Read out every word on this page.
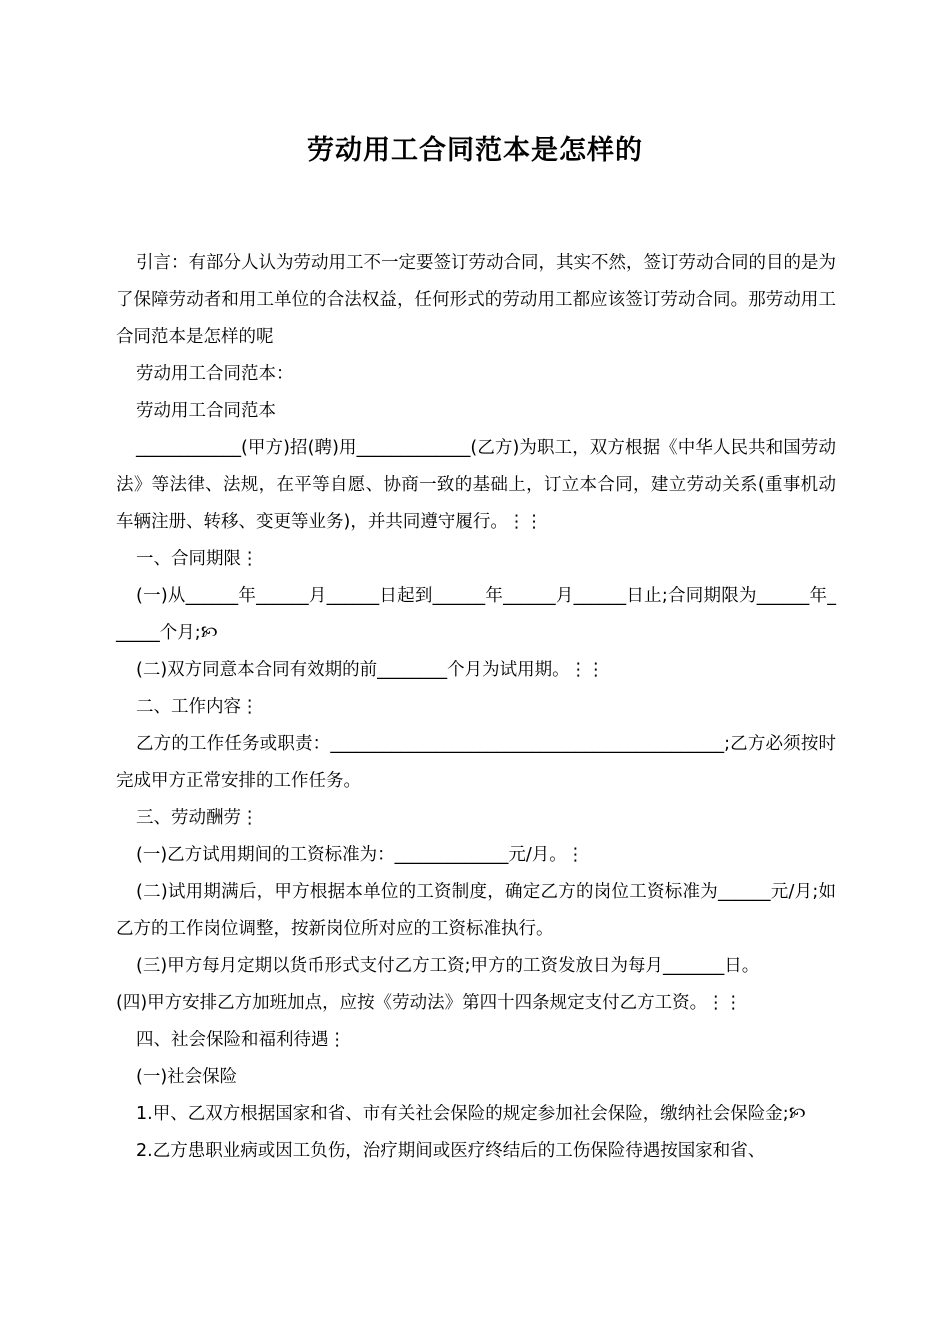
劳动用工合同范本是怎样的

引言：有部分人认为劳动用工不一定要签订劳动合同，其实不然，签订劳动合同的目的是为了保障劳动者和用工单位的合法权益，任何形式的劳动用工都应该签订劳动合同。那劳动用工合同范本是怎样的呢

劳动用工合同范本：

劳动用工合同范本

____________(甲方)招(聘)用_____________(乙方)为职工，双方根据《中华人民共和国劳动法》等法律、法规，在平等自愿、协商一致的基础上，订立本合同，建立劳动关系(重事机动车辆注册、转移、变更等业务)，并共同遵守履行。⋮⋮

一、合同期限⋮

(一)从______年______月______日起到______年______月______日止;合同期限为______年______个月;🙡

(二)双方同意本合同有效期的前________个月为试用期。⋮⋮

二、工作内容⋮

乙方的工作任务或职责：_____________________________________________;乙方必须按时完成甲方正常安排的工作任务。

三、劳动酬劳⋮

(一)乙方试用期间的工资标准为：_____________元/月。⋮

(二)试用期满后，甲方根据本单位的工资制度，确定乙方的岗位工资标准为______元/月;如乙方的工作岗位调整，按新岗位所对应的工资标准执行。

(三)甲方每月定期以货币形式支付乙方工资;甲方的工资发放日为每月_______日。

(四)甲方安排乙方加班加点，应按《劳动法》第四十四条规定支付乙方工资。⋮⋮

四、社会保险和福利待遇⋮

(一)社会保险

1.甲、乙双方根据国家和省、市有关社会保险的规定参加社会保险，缴纳社会保险金;🙡

2.乙方患职业病或因工负伤，治疗期间或医疗终结后的工伤保险待遇按国家和省、
